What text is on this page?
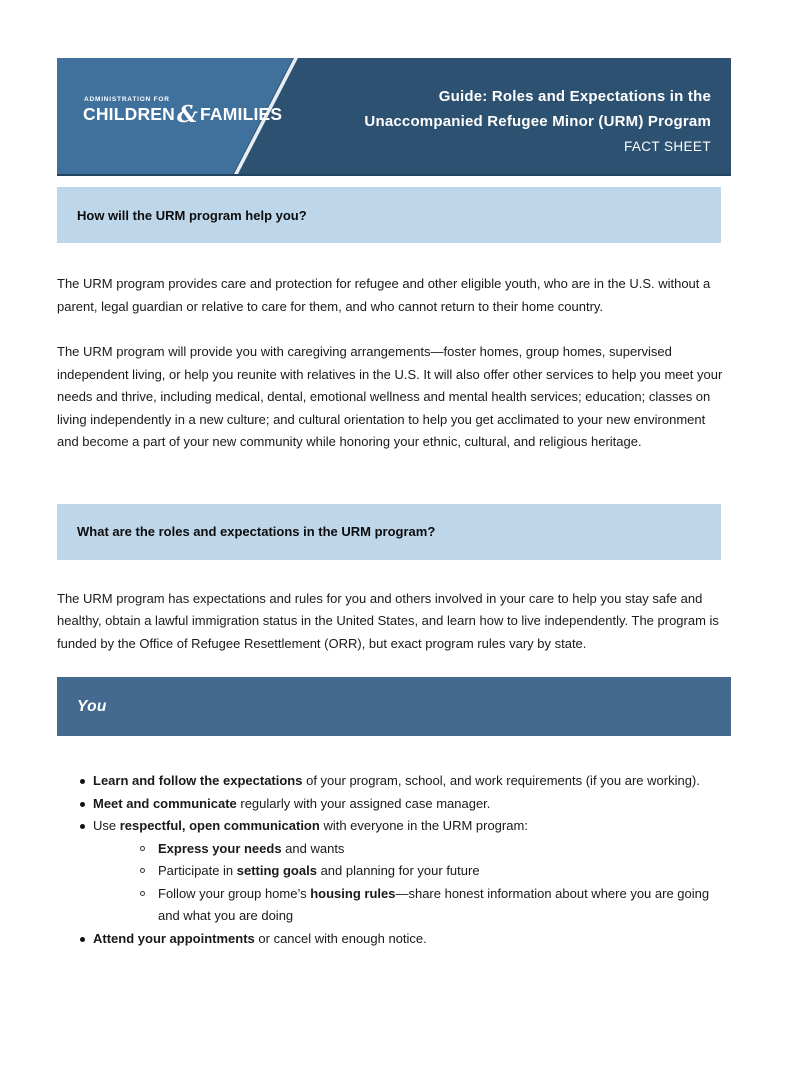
ADMINISTRATION FOR
CHILDREN & FAMILIES
Guide: Roles and Expectations in the
Unaccompanied Refugee Minor (URM) Program
FACT SHEET
How will the URM program help you?

The URM program provides care and protection for refugee and other eligible youth, who are in the U.S. without a parent, legal guardian or relative to care for them, and who cannot return to their home country.

The URM program will provide you with caregiving arrangements—foster homes, group homes, supervised independent living, or help you reunite with relatives in the U.S. It will also offer other services to help you meet your needs and thrive, including medical, dental, emotional wellness and mental health services; education; classes on living independently in a new culture; and cultural orientation to help you get acclimated to your new environment and become a part of your new community while honoring your ethnic, cultural, and religious heritage.

What are the roles and expectations in the URM program?

The URM program has expectations and rules for you and others involved in your care to help you stay safe and healthy, obtain a lawful immigration status in the United States, and learn how to live independently. The program is funded by the Office of Refugee Resettlement (ORR), but exact program rules vary by state.

You
Learn and follow the expectations of your program, school, and work requirements (if you are working).
Meet and communicate regularly with your assigned case manager.
Use respectful, open communication with everyone in the URM program:
Express your needs and wants
Participate in setting goals and planning for your future
Follow your group home’s housing rules—share honest information about where you are going and what you are doing
Attend your appointments or cancel with enough notice.
